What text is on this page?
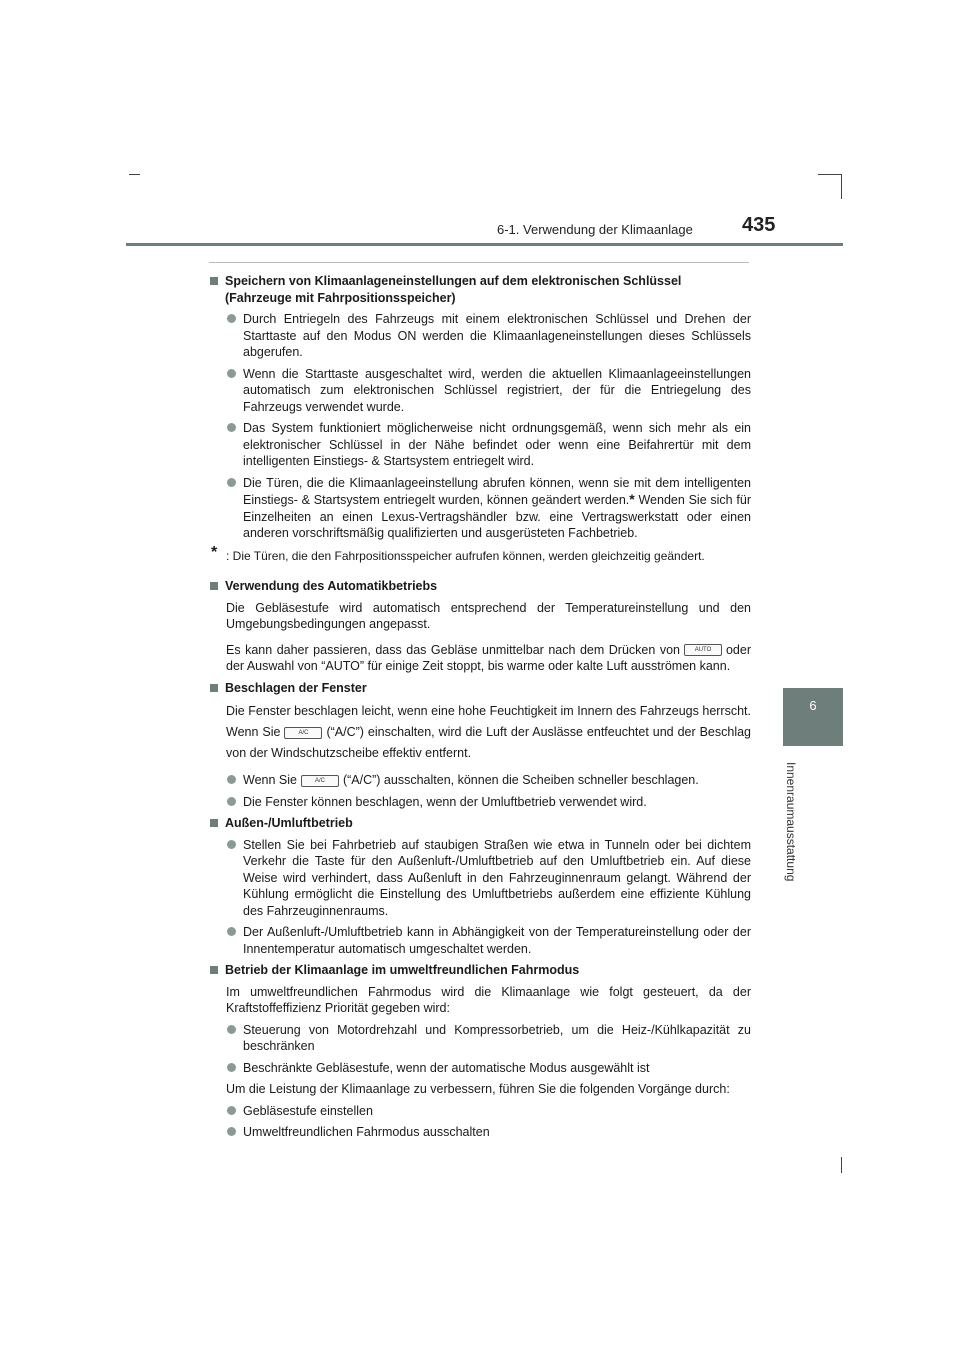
6-1. Verwendung der Klimaanlage 435
6
Innenraumausstattung
Speichern von Klimaanlageneinstellungen auf dem elektronischen Schlüssel (Fahrzeuge mit Fahrpositionsspeicher)
Durch Entriegeln des Fahrzeugs mit einem elektronischen Schlüssel und Drehen der Starttaste auf den Modus ON werden die Klimaanlageneinstellungen dieses Schlüssels abgerufen.
Wenn die Starttaste ausgeschaltet wird, werden die aktuellen Klimaanlageeinstellungen automatisch zum elektronischen Schlüssel registriert, der für die Entriegelung des Fahrzeugs verwendet wurde.
Das System funktioniert möglicherweise nicht ordnungsgemäß, wenn sich mehr als ein elektronischer Schlüssel in der Nähe befindet oder wenn eine Beifahrertür mit dem intelligenten Einstiegs- & Startsystem entriegelt wird.
Die Türen, die die Klimaanlageeinstellung abrufen können, wenn sie mit dem intelligenten Einstiegs- & Startsystem entriegelt wurden, können geändert werden.* Wenden Sie sich für Einzelheiten an einen Lexus-Vertragshändler bzw. eine Vertragswerkstatt oder einen anderen vorschriftsmäßig qualifizierten und ausgerüsteten Fachbetrieb.
* : Die Türen, die den Fahrpositionsspeicher aufrufen können, werden gleichzeitig geändert.
Verwendung des Automatikbetriebs
Die Gebläsestufe wird automatisch entsprechend der Temperatureinstellung und den Umgebungsbedingungen angepasst.
Es kann daher passieren, dass das Gebläse unmittelbar nach dem Drücken von AUTO oder der Auswahl von “AUTO” für einige Zeit stoppt, bis warme oder kalte Luft ausströmen kann.
Beschlagen der Fenster
Die Fenster beschlagen leicht, wenn eine hohe Feuchtigkeit im Innern des Fahrzeugs herrscht. Wenn Sie	A/C (“A/C”) einschalten, wird die Luft der Auslässe entfeuchtet und der Beschlag von der Windschutzscheibe effektiv entfernt.
Wenn Sie	A/C (“A/C”) ausschalten, können die Scheiben schneller beschlagen.
Die Fenster können beschlagen, wenn der Umluftbetrieb verwendet wird.
Außen-/Umluftbetrieb
Stellen Sie bei Fahrbetrieb auf staubigen Straßen wie etwa in Tunneln oder bei dichtem Verkehr die Taste für den Außenluft-/Umluftbetrieb auf den Umluftbetrieb ein. Auf diese Weise wird verhindert, dass Außenluft in den Fahrzeuginnenraum gelangt. Während der Kühlung ermöglicht die Einstellung des Umluftbetriebs außerdem eine effiziente Kühlung des Fahrzeuginnenraums.
Der Außenluft-/Umluftbetrieb kann in Abhängigkeit von der Temperatureinstellung oder der Innentemperatur automatisch umgeschaltet werden.
Betrieb der Klimaanlage im umweltfreundlichen Fahrmodus
Im umweltfreundlichen Fahrmodus wird die Klimaanlage wie folgt gesteuert, da der Kraftstoffeffizienz Priorität gegeben wird:
Steuerung von Motordrehzahl und Kompressorbetrieb, um die Heiz-/Kühlkapazität zu beschränken
Beschränkte Gebläsestufe, wenn der automatische Modus ausgewählt ist
Um die Leistung der Klimaanlage zu verbessern, führen Sie die folgenden Vorgänge durch:
Gebläsestufe einstellen
Umweltfreundlichen Fahrmodus ausschalten
